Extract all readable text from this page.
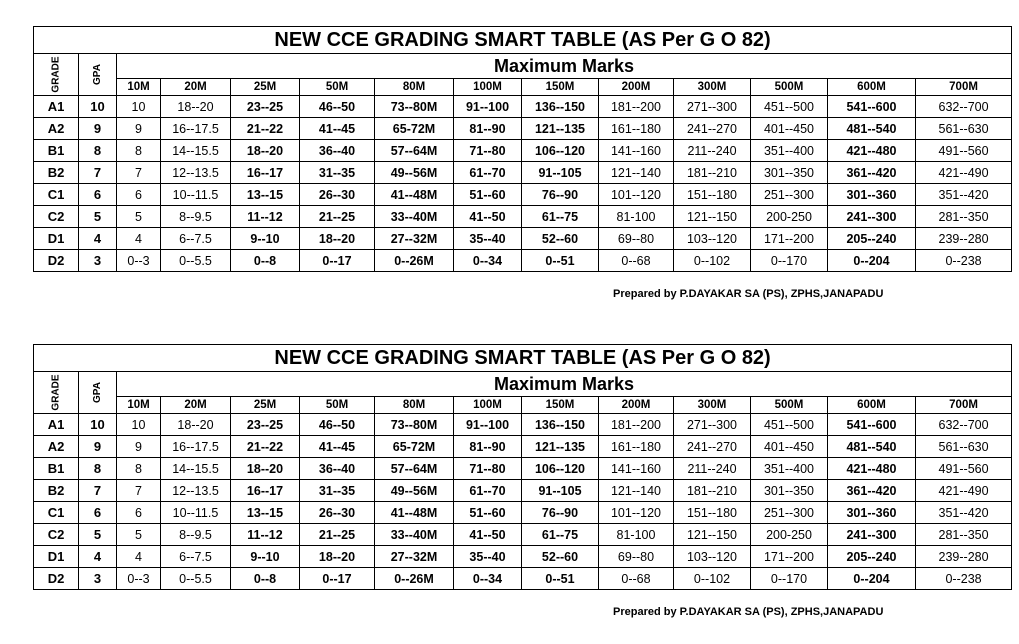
NEW CCE GRADING SMART TABLE (AS Per G O 82)													
GRADE	GPA	Maximum Marks											
		10M	20M	25M	50M	80M	100M	150M	200M	300M	500M	600M	700M
A1	10	10	18--20	23--25	46--50	73--80M	91--100	136--150	181--200	271--300	451--500	541--600	632--700
A2	9	9	16--17.5	21--22	41--45	65-72M	81--90	121--135	161--180	241--270	401--450	481--540	561--630
B1	8	8	14--15.5	18--20	36--40	57--64M	71--80	106--120	141--160	211--240	351--400	421--480	491--560
B2	7	7	12--13.5	16--17	31--35	49--56M	61--70	91--105	121--140	181--210	301--350	361--420	421--490
C1	6	6	10--11.5	13--15	26--30	41--48M	51--60	76--90	101--120	151--180	251--300	301--360	351--420
C2	5	5	8--9.5	11--12	21--25	33--40M	41--50	61--75	81-100	121--150	200-250	241--300	281--350
D1	4	4	6--7.5	9--10	18--20	27--32M	35--40	52--60	69--80	103--120	171--200	205--240	239--280
D2	3	0--3	0--5.5	0--8	0--17	0--26M	0--34	0--51	0--68	0--102	0--170	0--204	0--238
Prepared by P.DAYAKAR SA (PS), ZPHS,JANAPADU
NEW CCE GRADING SMART TABLE (AS Per G O 82)													
GRADE	GPA	Maximum Marks											
		10M	20M	25M	50M	80M	100M	150M	200M	300M	500M	600M	700M
A1	10	10	18--20	23--25	46--50	73--80M	91--100	136--150	181--200	271--300	451--500	541--600	632--700
A2	9	9	16--17.5	21--22	41--45	65-72M	81--90	121--135	161--180	241--270	401--450	481--540	561--630
B1	8	8	14--15.5	18--20	36--40	57--64M	71--80	106--120	141--160	211--240	351--400	421--480	491--560
B2	7	7	12--13.5	16--17	31--35	49--56M	61--70	91--105	121--140	181--210	301--350	361--420	421--490
C1	6	6	10--11.5	13--15	26--30	41--48M	51--60	76--90	101--120	151--180	251--300	301--360	351--420
C2	5	5	8--9.5	11--12	21--25	33--40M	41--50	61--75	81-100	121--150	200-250	241--300	281--350
D1	4	4	6--7.5	9--10	18--20	27--32M	35--40	52--60	69--80	103--120	171--200	205--240	239--280
D2	3	0--3	0--5.5	0--8	0--17	0--26M	0--34	0--51	0--68	0--102	0--170	0--204	0--238
Prepared by P.DAYAKAR SA (PS), ZPHS,JANAPADU
